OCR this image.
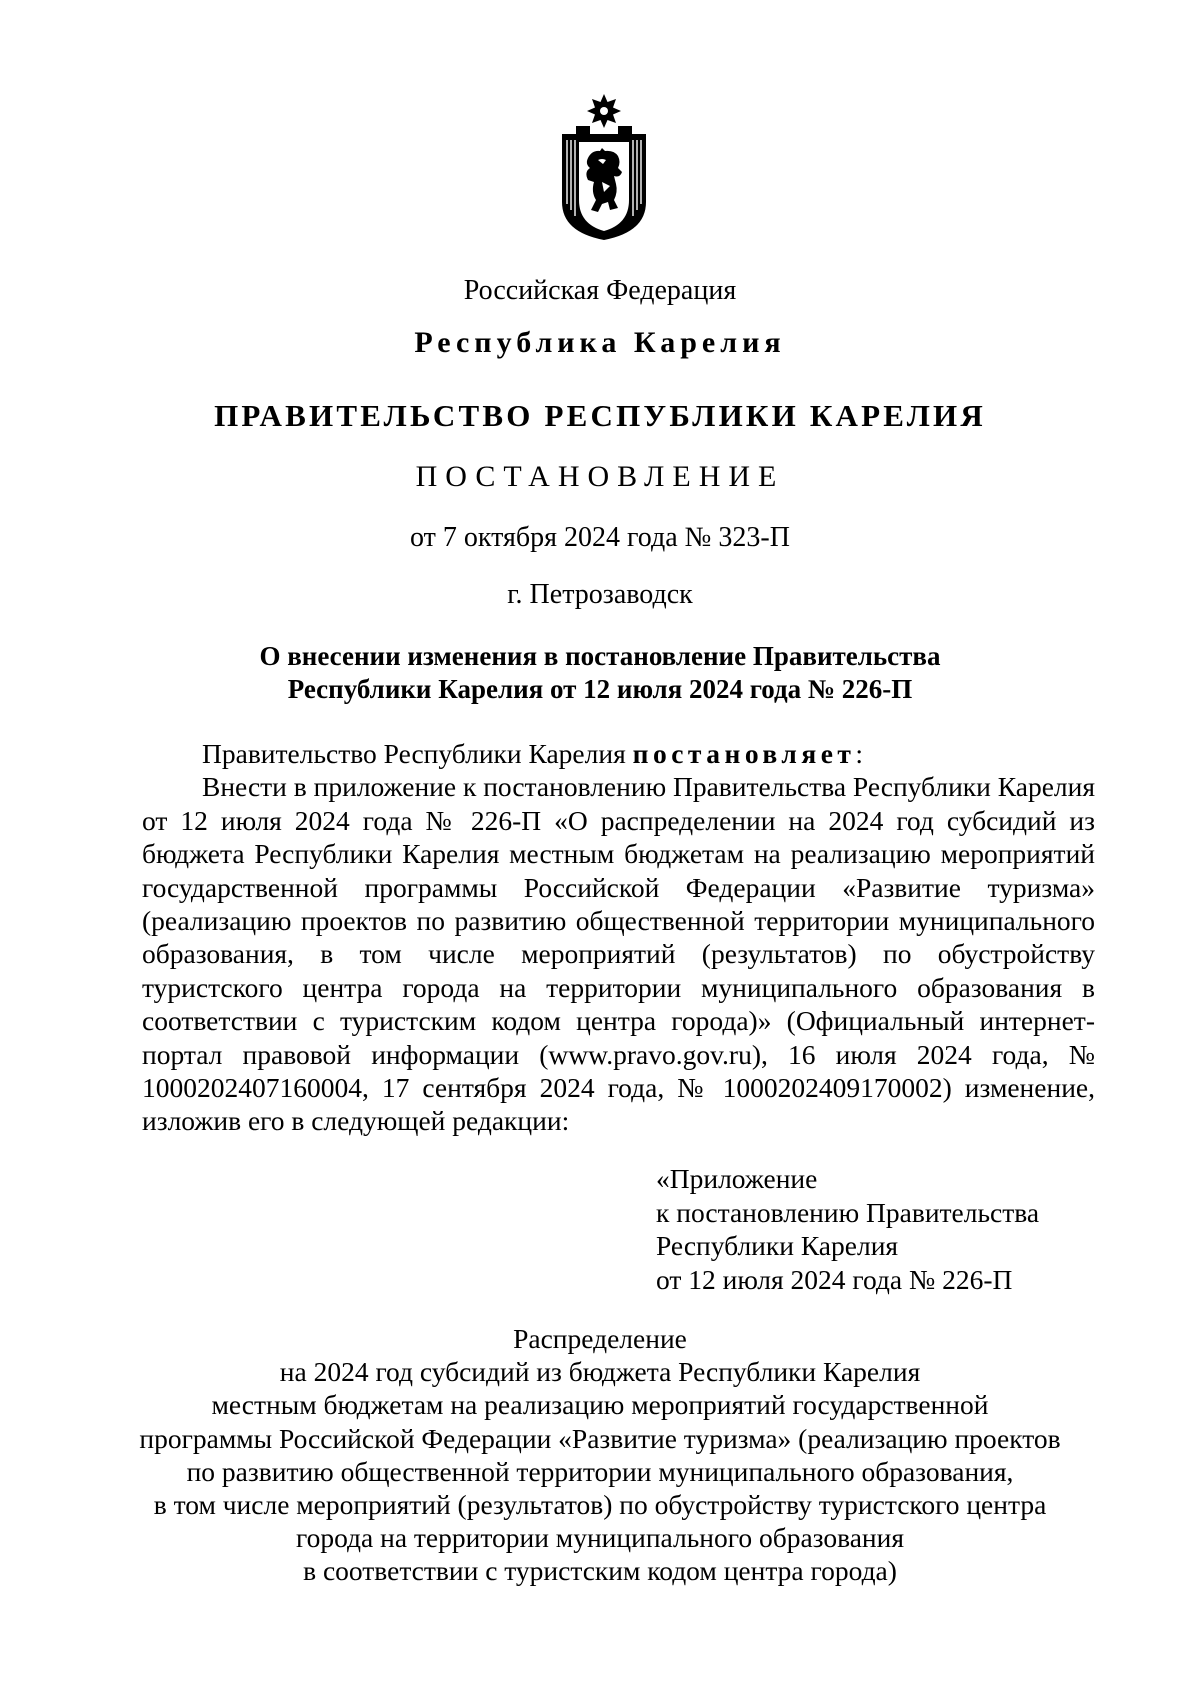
Российская Федерация
Республика Карелия
ПРАВИТЕЛЬСТВО РЕСПУБЛИКИ КАРЕЛИЯ
ПОСТАНОВЛЕНИЕ
от 7 октября 2024 года № 323-П
г. Петрозаводск
О внесении изменения в постановление Правительства
Республики Карелия от 12 июля 2024 года № 226-П

Правительство Республики Карелия постановляет:

Внести в приложение к постановлению Правительства Республики Карелия от 12 июля 2024 года № 226-П «О распределении на 2024 год субсидий из бюджета Республики Карелия местным бюджетам на реализацию мероприятий государственной программы Российской Федерации «Развитие туризма» (реализацию проектов по развитию общественной территории муниципального образования, в том числе мероприятий (результатов) по обустройству туристского центра города на территории муниципального образования в соответствии с туристским кодом центра города)» (Официальный интернет-портал правовой информации (www.pravo.gov.ru), 16 июля 2024 года, № 1000202407160004, 17 сентября 2024 года, № 1000202409170002) изменение, изложив его в следующей редакции:

«Приложение
к постановлению Правительства
Республики Карелия
от 12 июля 2024 года № 226-П
Распределение
на 2024 год субсидий из бюджета Республики Карелия
местным бюджетам на реализацию мероприятий государственной
программы Российской Федерации «Развитие туризма» (реализацию проектов
по развитию общественной территории муниципального образования,
в том числе мероприятий (результатов) по обустройству туристского центра
города на территории муниципального образования
в соответствии с туристским кодом центра города)
